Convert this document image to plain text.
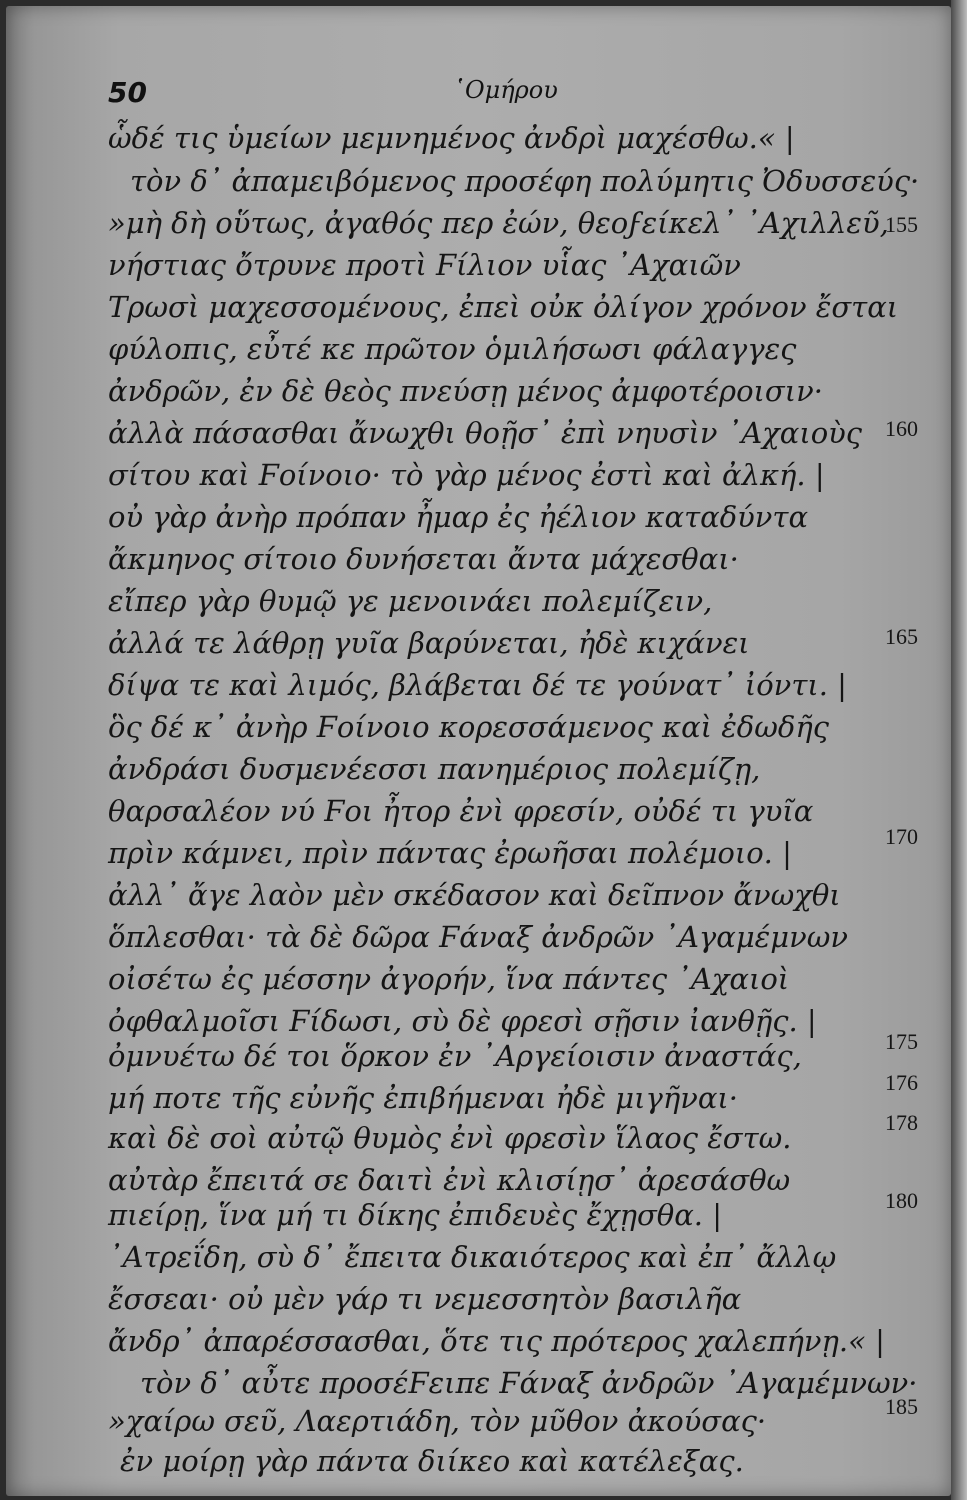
50	῾Ομήρου
ὧδέ τις ὑμείων μεμνημένος ἀνδρὶ μαχέσθω.« |
τὸν δ᾿ ἀπαμειβόμενος προσέφη πολύμητις Ὀδυσσεύς·
»μὴ δὴ οὕτως, ἀγαθός περ ἐών, θεοϝείκελ᾿ ᾿Αχιλλεῦ,
155
νήστιας ὄτρυνε προτὶ Ϝίλιον υἷας ᾿Αχαιῶν
Τρωσὶ μαχεσσομένους, ἐπεὶ οὐκ ὀλίγον χρόνον ἔσται
φύλοπις, εὖτέ κε πρῶτον ὁμιλήσωσι φάλαγγες
ἀνδρῶν, ἐν δὲ θεὸς πνεύσῃ μένος ἀμφοτέροισιν·
ἀλλὰ πάσασθαι ἄνωχθι θοῇσ᾿ ἐπὶ νηυσὶν ᾿Αχαιοὺς	160
σίτου καὶ Ϝοίνοιο· τὸ γὰρ μένος ἐστὶ καὶ ἀλκή. |
οὐ γὰρ ἀνὴρ πρόπαν ἦμαρ ἐς ἠέλιον καταδύντα
ἄκμηνος σίτοιο δυνήσεται ἄντα μάχεσθαι·
εἴπερ γὰρ θυμῷ γε μενοινάει πολεμίζειν,
ἀλλά τε λάθρῃ γυῖα βαρύνεται, ἠδὲ κιχάνει	165
δίψα τε καὶ λιμός, βλάβεται δέ τε γούνατ᾿ ἰόντι. |
ὃς δέ κ᾿ ἀνὴρ Ϝοίνοιο κορεσσάμενος καὶ ἐδωδῆς
ἀνδράσι δυσμενέεσσι πανημέριος πολεμίζῃ,
θαρσαλέον νύ Ϝοι ἦτορ ἐνὶ φρεσίν, οὐδέ τι γυῖα
πρὶν κάμνει, πρὶν πάντας ἐρωῆσαι πολέμοιο. |	170
ἀλλ᾿ ἄγε λαὸν μὲν σκέδασον καὶ δεῖπνον ἄνωχθι
ὅπλεσθαι· τὰ δὲ δῶρα Ϝάναξ ἀνδρῶν ᾿Αγαμέμνων
οἰσέτω ἐς μέσσην ἀγορήν, ἵνα πάντες ᾿Αχαιοὶ
ὀφθαλμοῖσι Ϝίδωσι, σὺ δὲ φρεσὶ σῇσιν ἰανθῇς. |
ὀμνυέτω δέ τοι ὅρκον ἐν ᾿Αργείοισιν ἀναστάς,	175
μή ποτε τῆς εὐνῆς ἐπιβήμεναι ἠδὲ μιγῆναι·	176
καὶ δὲ σοὶ αὐτῷ θυμὸς ἐνὶ φρεσὶν ἵλαος ἔστω.	178
αὐτὰρ ἔπειτά σε δαιτὶ ἐνὶ κλισίῃσ᾿ ἀρεσάσθω
πιείρῃ, ἵνα μή τι δίκης ἐπιδευὲς ἔχῃσθα. |	180
᾿Ατρεΐδη, σὺ δ᾿ ἔπειτα δικαιότερος καὶ ἐπ᾿ ἄλλῳ
ἔσσεαι· οὐ μὲν γάρ τι νεμεσσητὸν βασιλῆα
ἄνδρ᾿ ἀπαρέσσασθαι, ὅτε τις πρότερος χαλεπήνῃ.« |
τὸν δ᾿ αὖτε προσέϜειπε Ϝάναξ ἀνδρῶν ᾿Αγαμέμνων·
»χαίρω σεῦ, Λαερτιάδη, τὸν μῦθον ἀκούσας·	185
ἐν μοίρῃ γὰρ πάντα διίκεο καὶ κατέλεξας.
